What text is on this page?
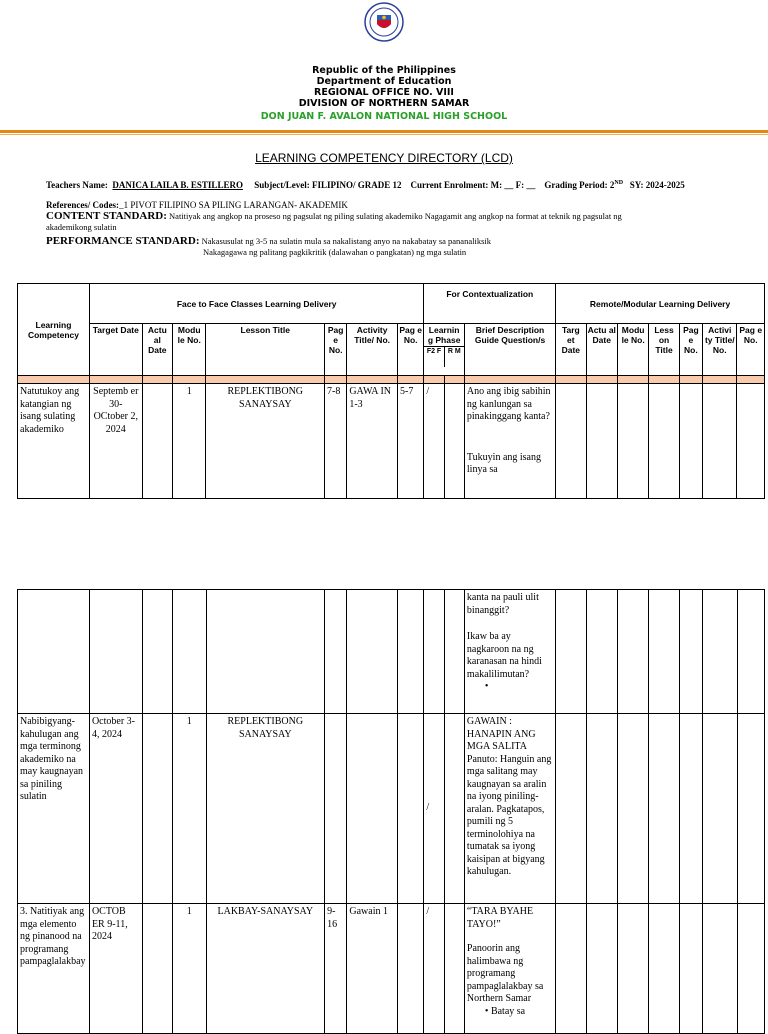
Republic of the Philippines
Department of Education
REGIONAL OFFICE NO. VIII
DIVISION OF NORTHERN SAMAR
DON JUAN F. AVALON NATIONAL HIGH SCHOOL
LEARNING COMPETENCY DIRECTORY (LCD)
Teachers Name: DANICA LAILA B. ESTILLERO Subject/Level: FILIPINO/ GRADE 12 Current Enrolment: M: __ F: __ Grading Period: 2ND SY: 2024-2025
References/ Codes:_1 PIVOT FILIPINO SA PILING LARANGAN- AKADEMIK
CONTENT STANDARD: Natitiyak ang angkop na proseso ng pagsulat ng piling sulating akademiko Nagagamit ang angkop na format at teknik ng pagsulat ng
akademikong sulatin
PERFORMANCE STANDARD: Nakasusulat ng 3-5 na sulatin mula sa nakalistang anyo na nakabatay sa pananaliksik
Nakagagawa ng palitang pagkikritik (dalawahan o pangkatan) ng mga sulatin
Learning Competency	Face to Face Classes Learning Delivery							For Contextualization			Remote/Modular Learning Delivery						
	Target Date	Actu al Date	Modu le No.	Lesson Title	Pag e No.	Activity Title/ No.	Pag e No.	Learnin g Phase
F2 F R M		Brief Description Guide Question/s	Targ et Date	Actu al Date	Modu le No.	Less on Title	Pag e No.	Activi ty Title/ No.	Pag e No.

Natutukoy ang katangian ng isang sulating akademiko	Septemb er 30- OCtober 2, 2024		1	REPLEKTIBONG SANAYSAY	7-8	GAWA IN 1-3	5-7	/		Ano ang ibig sabihin ng kanlungan sa pinakinggang kanta?
Tukuyin ang isang linya sa							

										kanta na pauli ulit binanggit?
Ikaw ba ay nagkaroon na ng karanasan na hindi makalilimutan?
•							

Nabibigyang-kahulugan ang mga terminong akademiko na may kaugnayan sa piniling sulatin	October 3-4, 2024		1	REPLEKTIBONG SANAYSAY				/		GAWAIN : HANAPIN ANG MGA SALITA Panuto: Hanguin ang mga salitang may kaugnayan sa aralin na iyong piniling-aralan. Pagkatapos, pumili ng 5 terminolohiya na tumatak sa iyong kaisipan at bigyang kahulugan.							
3. Natitiyak ang mga elemento ng pinanood na programang pampaglalakbay	OCTOB ER 9-11, 2024		1	LAKBAY-SANAYSAY	9-16	Gawain 1		/		“TARA BYAHE TAYO!”
Panoorin ang halimbawa ng programang pampaglalakbay sa Northern Samar
• Batay sa							
